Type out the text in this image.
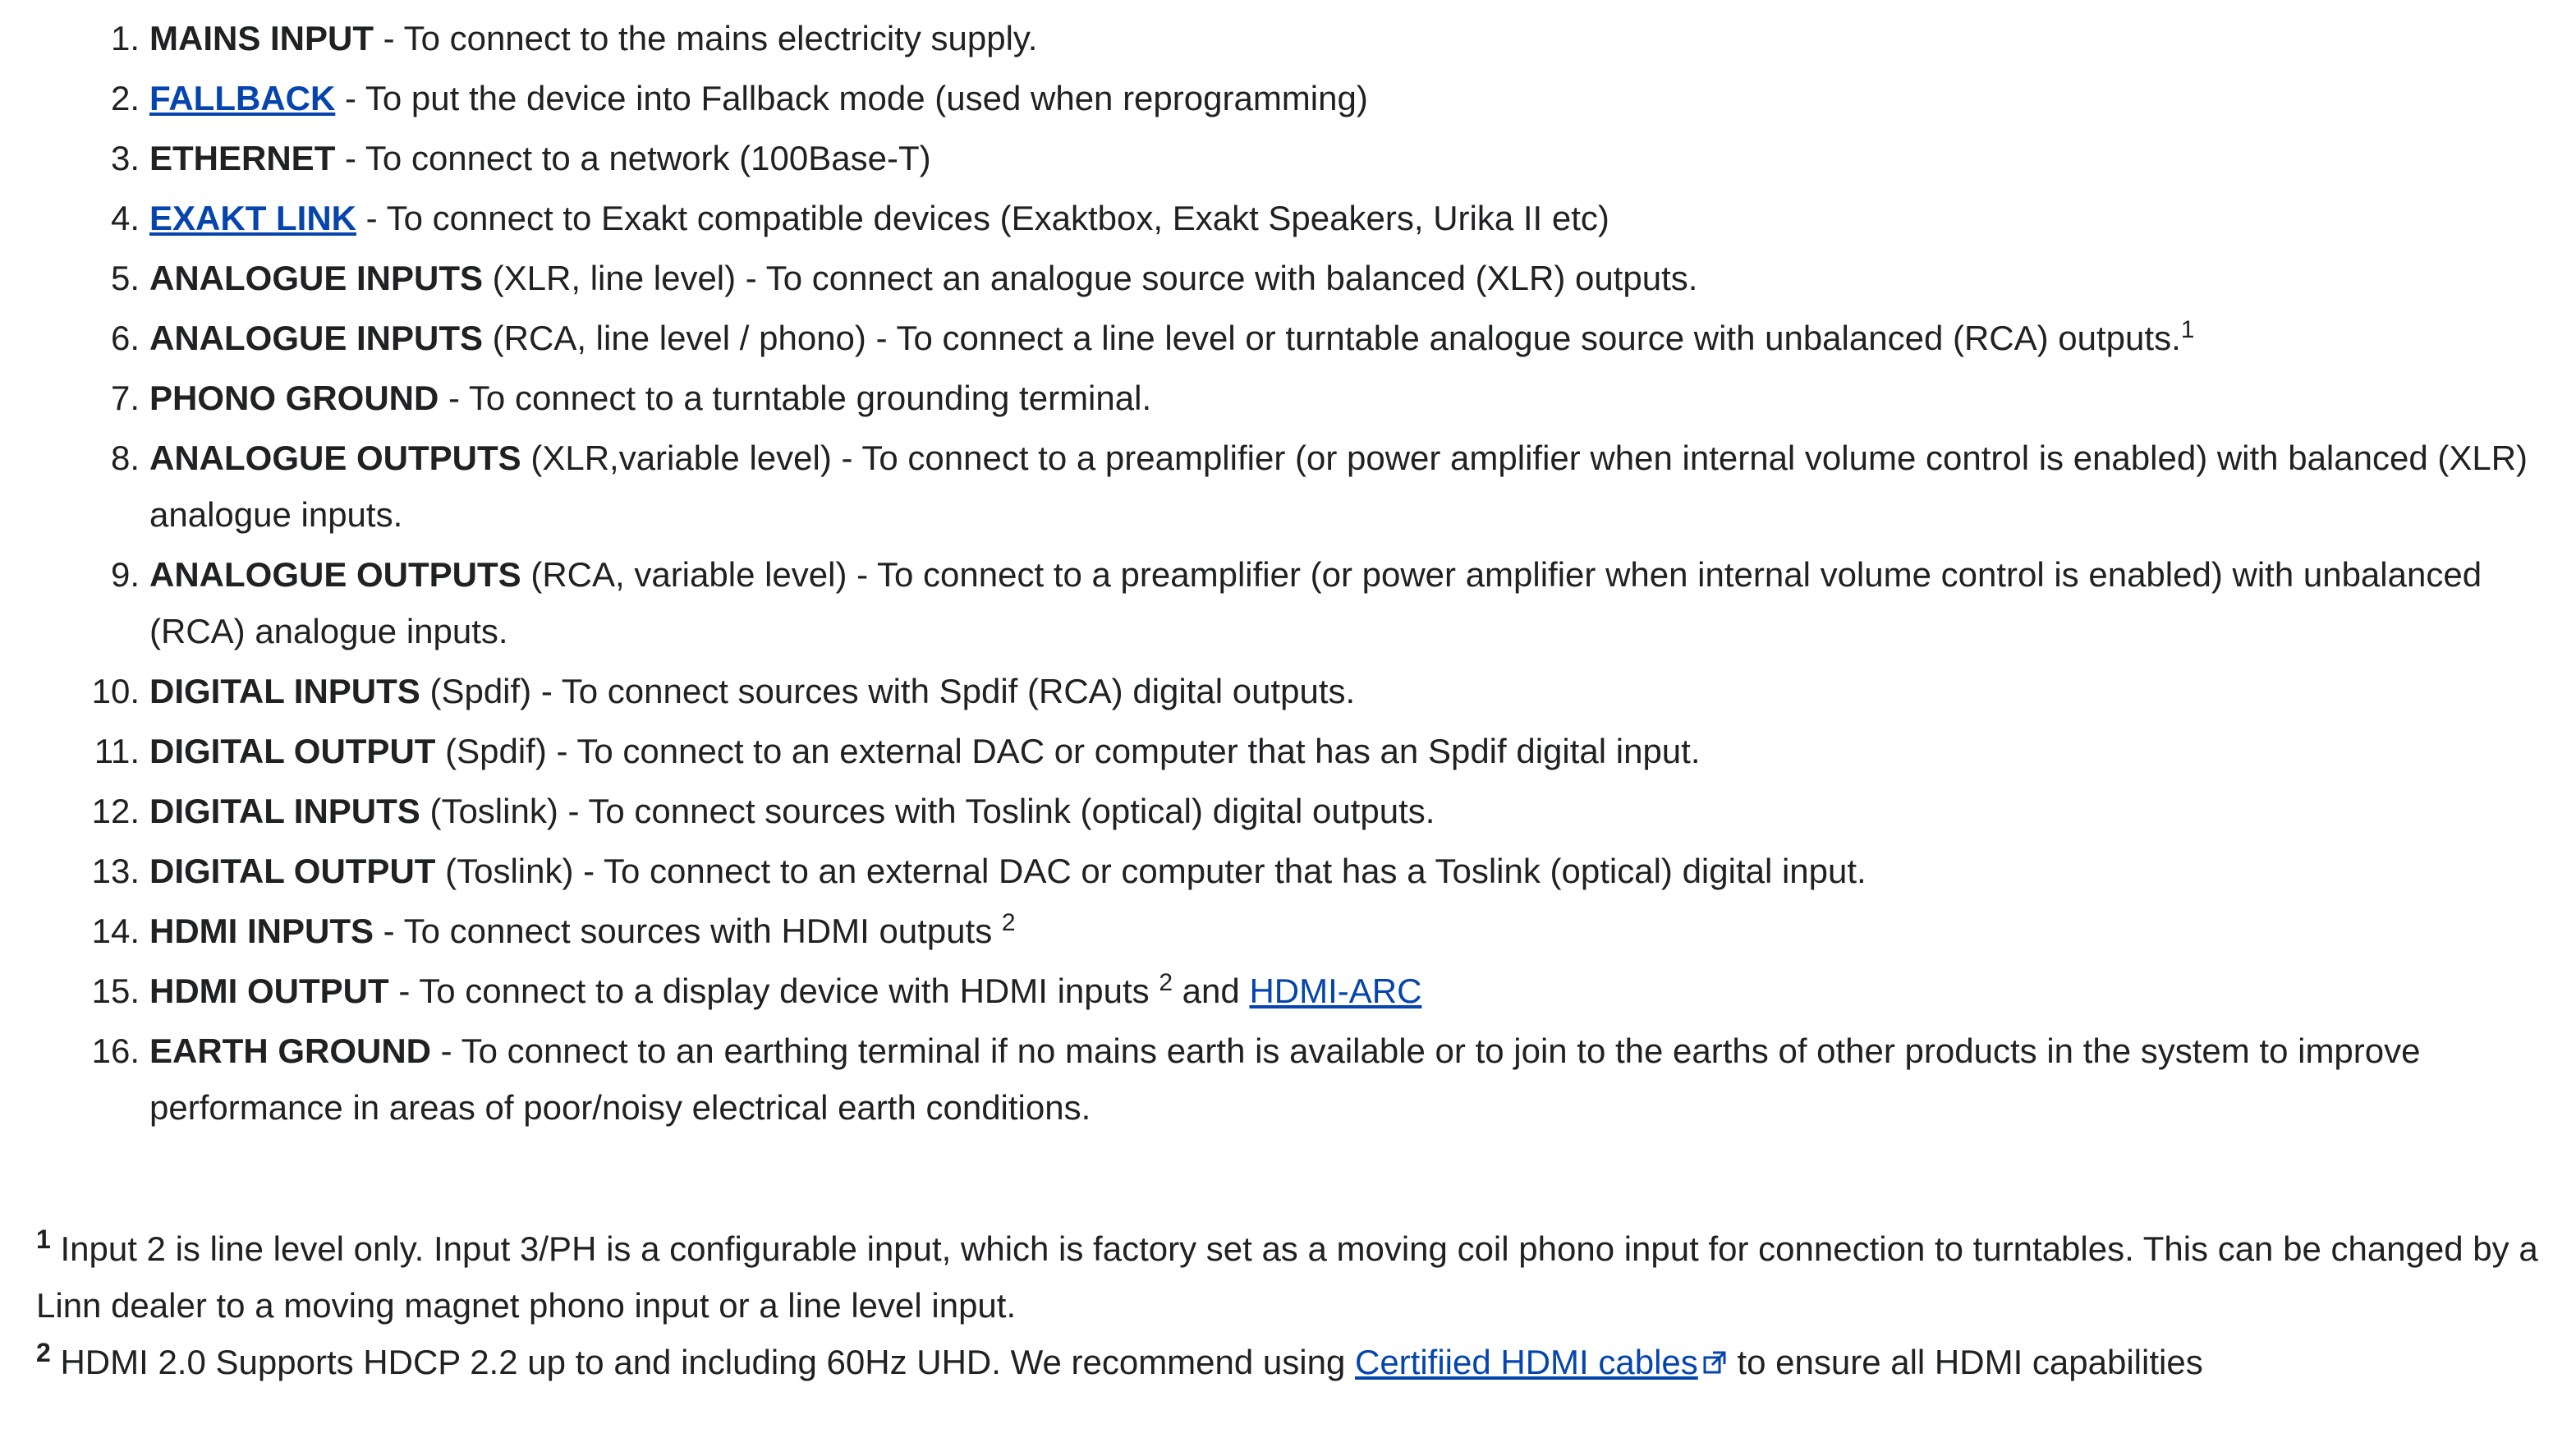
1. MAINS INPUT - To connect to the mains electricity supply.
2. FALLBACK - To put the device into Fallback mode (used when reprogramming)
3. ETHERNET - To connect to a network (100Base-T)
4. EXAKT LINK - To connect to Exakt compatible devices (Exaktbox, Exakt Speakers, Urika II etc)
5. ANALOGUE INPUTS (XLR, line level) - To connect an analogue source with balanced (XLR) outputs.
6. ANALOGUE INPUTS (RCA, line level / phono) - To connect a line level or turntable analogue source with unbalanced (RCA) outputs.$^1$
7. PHONO GROUND - To connect to a turntable grounding terminal.
8. ANALOGUE OUTPUTS (XLR,variable level) - To connect to a preamplifier (or power amplifier when internal volume control is enabled) with balanced (XLR) analogue inputs.
9. ANALOGUE OUTPUTS (RCA, variable level) - To connect to a preamplifier (or power amplifier when internal volume control is enabled) with unbalanced (RCA) analogue inputs.
10. DIGITAL INPUTS (Spdif) - To connect sources with Spdif (RCA) digital outputs.
11. DIGITAL OUTPUT (Spdif) - To connect to an external DAC or computer that has an Spdif digital input.
12. DIGITAL INPUTS (Toslink) - To connect sources with Toslink (optical) digital outputs.
13. DIGITAL OUTPUT (Toslink) - To connect to an external DAC or computer that has a Toslink (optical) digital input.
14. HDMI INPUTS - To connect sources with HDMI outputs $^2$
15. HDMI OUTPUT - To connect to a display device with HDMI inputs $^2$ and HDMI-ARC
16. EARTH GROUND - To connect to an earthing terminal if no mains earth is available or to join to the earths of other products in the system to improve performance in areas of poor/noisy electrical earth conditions.

$^1$ Input 2 is line level only. Input 3/PH is a configurable input, which is factory set as a moving coil phono input for connection to turntables. This can be changed by a Linn dealer to a moving magnet phono input or a line level input.

$^2$ HDMI 2.0 Supports HDCP 2.2 up to and including 60Hz UHD. We recommend using Certifiied HDMI cables to ensure all HDMI capabilities
